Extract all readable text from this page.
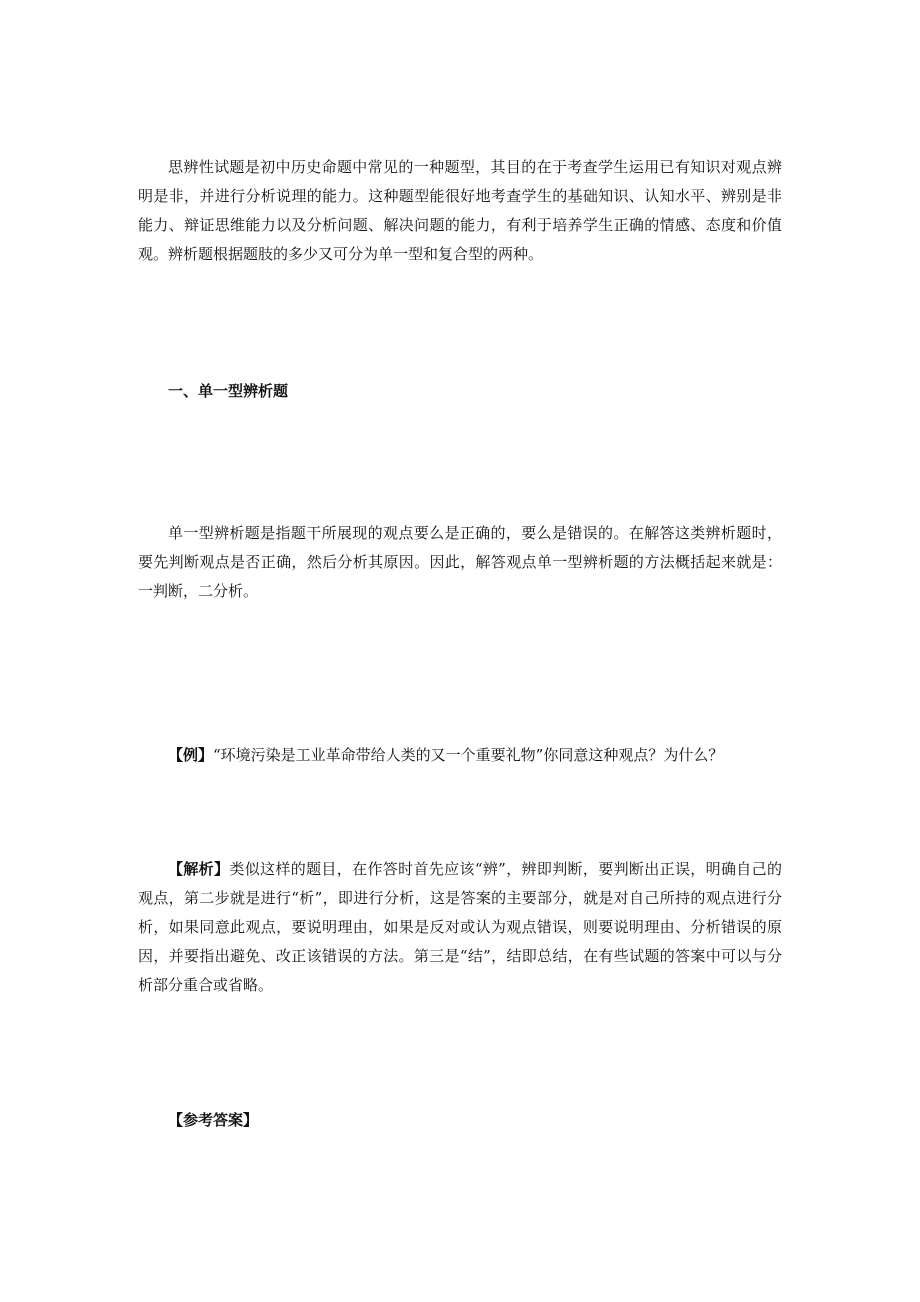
思辨性试题是初中历史命题中常见的一种题型，其目的在于考查学生运用已有知识对观点辨明是非，并进行分析说理的能力。这种题型能很好地考查学生的基础知识、认知水平、辨别是非能力、辩证思维能力以及分析问题、解决问题的能力，有利于培养学生正确的情感、态度和价值观。辨析题根据题肢的多少又可分为单一型和复合型的两种。

一、单一型辨析题

单一型辨析题是指题干所展现的观点要么是正确的，要么是错误的。在解答这类辨析题时，要先判断观点是否正确，然后分析其原因。因此，解答观点单一型辨析题的方法概括起来就是：一判断，二分析。

【例】“环境污染是工业革命带给人类的又一个重要礼物”你同意这种观点？为什么？

【解析】类似这样的题目，在作答时首先应该“辨”，辨即判断，要判断出正误，明确自己的观点，第二步就是进行“析”，即进行分析，这是答案的主要部分，就是对自己所持的观点进行分析，如果同意此观点，要说明理由，如果是反对或认为观点错误，则要说明理由、分析错误的原因，并要指出避免、改正该错误的方法。第三是“结”，结即总结，在有些试题的答案中可以与分析部分重合或省略。

【参考答案】
